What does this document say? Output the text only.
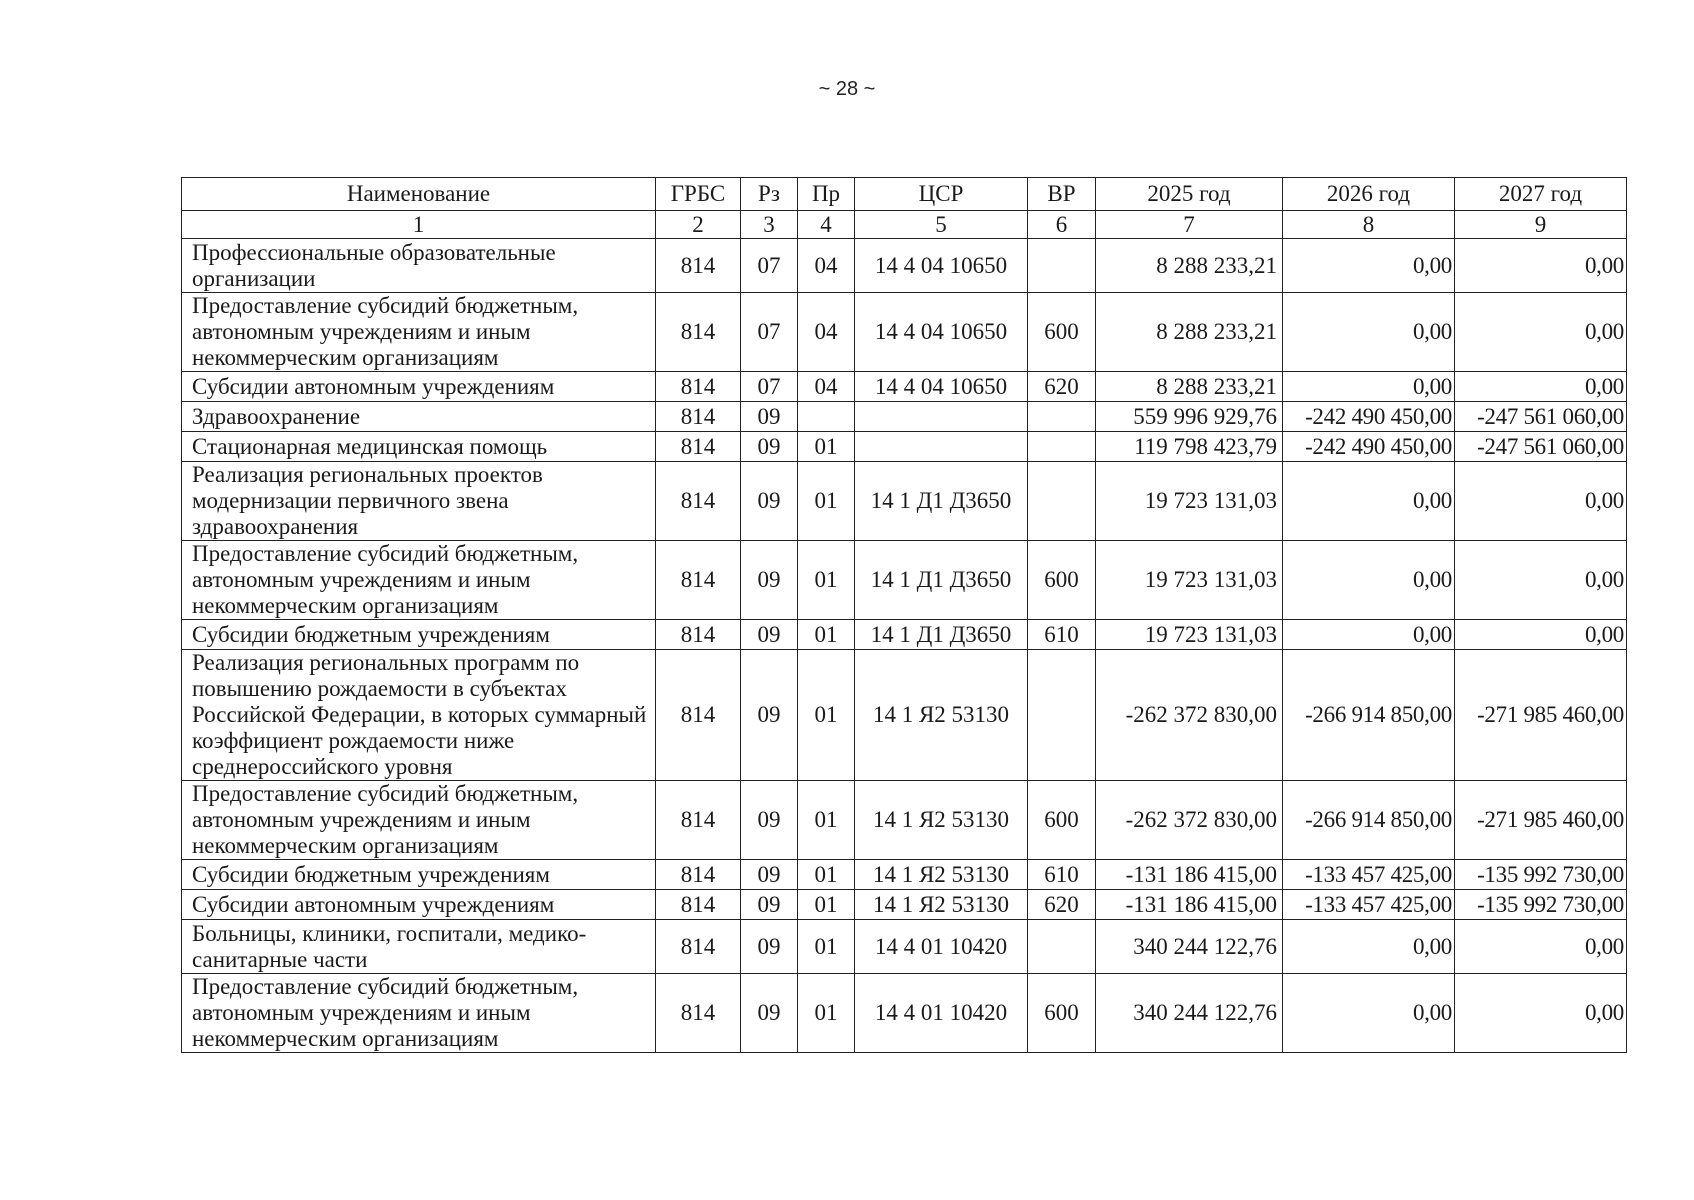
~ 28 ~
Наименование	ГРБС	Рз	Пр	ЦСР	ВР	2025 год	2026 год	2027 год
1	2	3	4	5	6	7	8	9
Профессиональные образовательные организации	814	07	04	14 4 04 10650		8 288 233,21	0,00	0,00
Предоставление субсидий бюджетным, автономным учреждениям и иным некоммерческим организациям	814	07	04	14 4 04 10650	600	8 288 233,21	0,00	0,00
Субсидии автономным учреждениям	814	07	04	14 4 04 10650	620	8 288 233,21	0,00	0,00
Здравоохранение	814	09				559 996 929,76	-242 490 450,00	-247 561 060,00
Стационарная медицинская помощь	814	09	01			119 798 423,79	-242 490 450,00	-247 561 060,00
Реализация региональных проектов модернизации первичного звена здравоохранения	814	09	01	14 1 Д1 Д3650		19 723 131,03	0,00	0,00
Предоставление субсидий бюджетным, автономным учреждениям и иным некоммерческим организациям	814	09	01	14 1 Д1 Д3650	600	19 723 131,03	0,00	0,00
Субсидии бюджетным учреждениям	814	09	01	14 1 Д1 Д3650	610	19 723 131,03	0,00	0,00
Реализация региональных программ по повышению рождаемости в субъектах Российской Федерации, в которых суммарный коэффициент рождаемости ниже среднероссийского уровня	814	09	01	14 1 Я2 53130		-262 372 830,00	-266 914 850,00	-271 985 460,00
Предоставление субсидий бюджетным, автономным учреждениям и иным некоммерческим организациям	814	09	01	14 1 Я2 53130	600	-262 372 830,00	-266 914 850,00	-271 985 460,00
Субсидии бюджетным учреждениям	814	09	01	14 1 Я2 53130	610	-131 186 415,00	-133 457 425,00	-135 992 730,00
Субсидии автономным учреждениям	814	09	01	14 1 Я2 53130	620	-131 186 415,00	-133 457 425,00	-135 992 730,00
Больницы, клиники, госпитали, медико-санитарные части	814	09	01	14 4 01 10420		340 244 122,76	0,00	0,00
Предоставление субсидий бюджетным, автономным учреждениям и иным некоммерческим организациям	814	09	01	14 4 01 10420	600	340 244 122,76	0,00	0,00
